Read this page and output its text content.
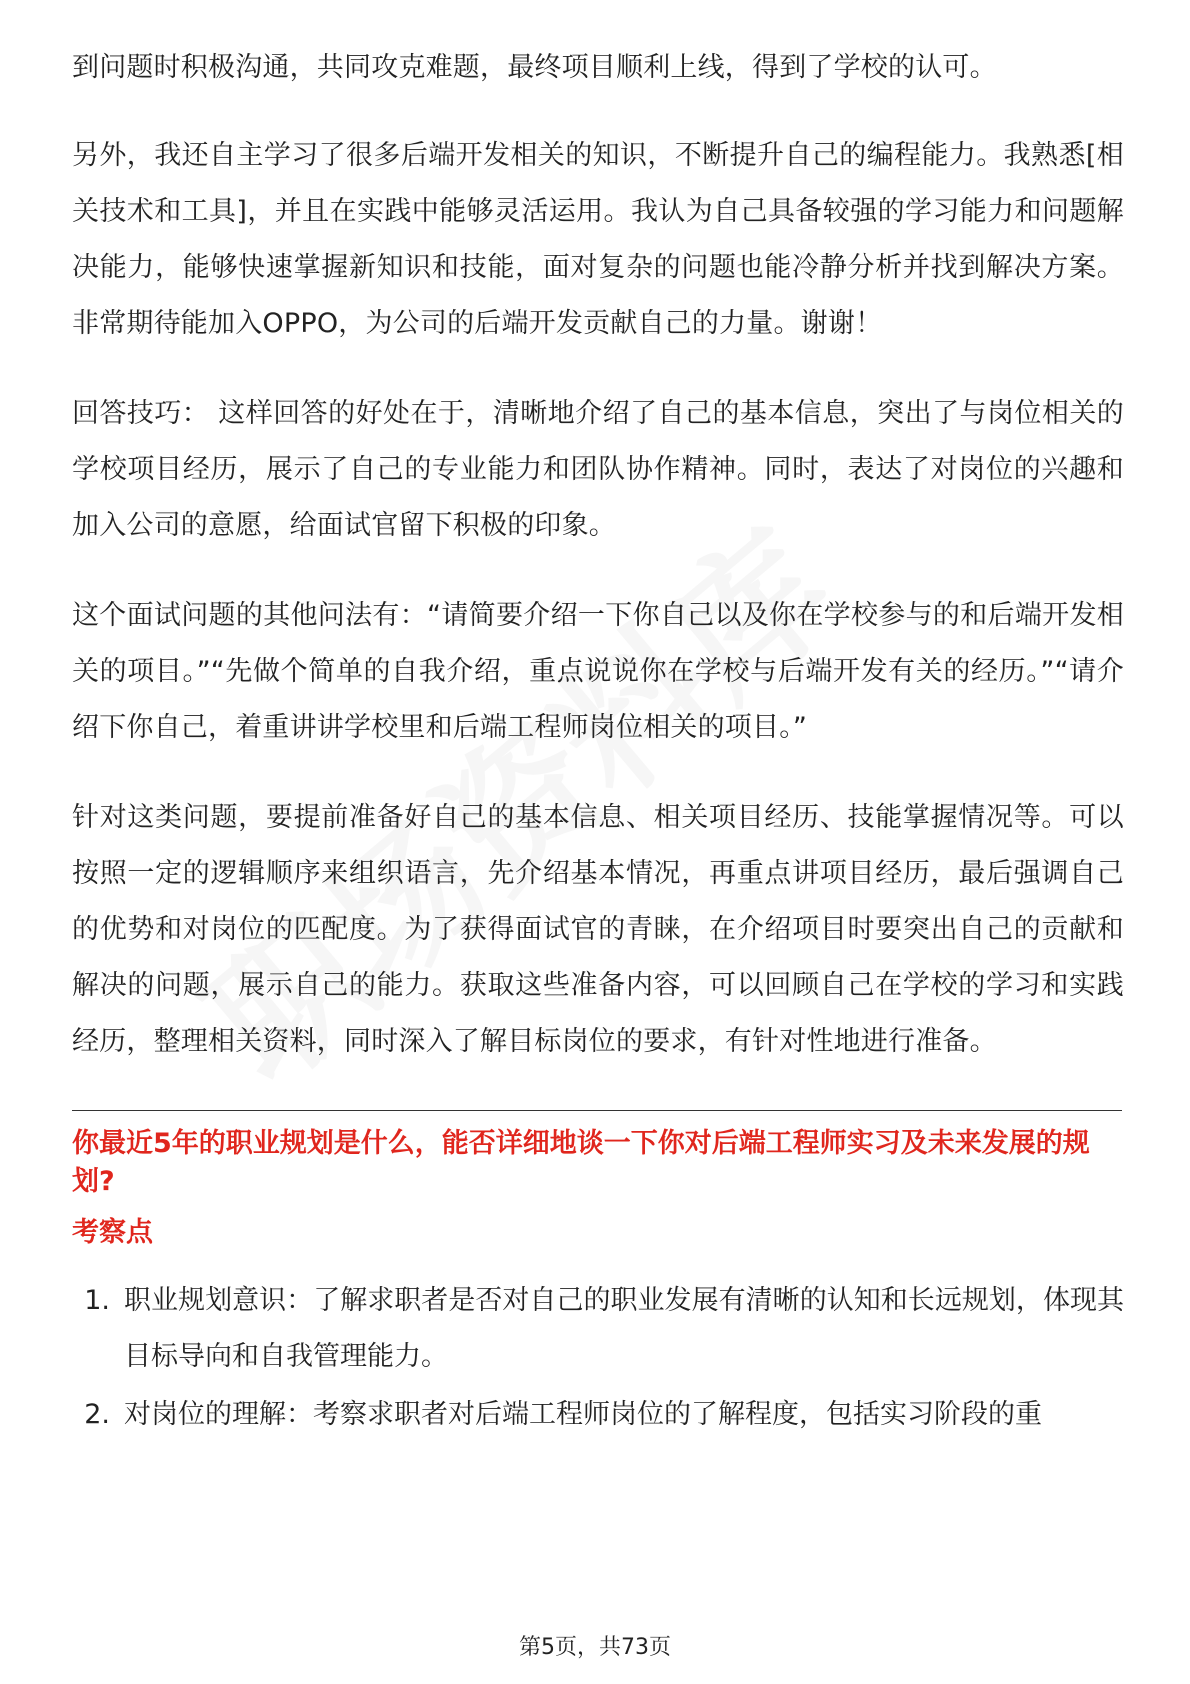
到问题时积极沟通，共同攻克难题，最终项目顺利上线，得到了学校的认可。

另外，我还自主学习了很多后端开发相关的知识，不断提升自己的编程能力。我熟悉[相关技术和工具]，并且在实践中能够灵活运用。我认为自己具备较强的学习能力和问题解决能力，能够快速掌握新知识和技能，面对复杂的问题也能冷静分析并找到解决方案。非常期待能加入OPPO，为公司的后端开发贡献自己的力量。谢谢！

回答技巧： 这样回答的好处在于，清晰地介绍了自己的基本信息，突出了与岗位相关的学校项目经历，展示了自己的专业能力和团队协作精神。同时，表达了对岗位的兴趣和加入公司的意愿，给面试官留下积极的印象。

这个面试问题的其他问法有：“请简要介绍一下你自己以及你在学校参与的和后端开发相关的项目。”“先做个简单的自我介绍，重点说说你在学校与后端开发有关的经历。”“请介绍下你自己，着重讲讲学校里和后端工程师岗位相关的项目。”

针对这类问题，要提前准备好自己的基本信息、相关项目经历、技能掌握情况等。可以按照一定的逻辑顺序来组织语言，先介绍基本情况，再重点讲项目经历，最后强调自己的优势和对岗位的匹配度。为了获得面试官的青睐，在介绍项目时要突出自己的贡献和解决的问题，展示自己的能力。获取这些准备内容，可以回顾自己在学校的学习和实践经历，整理相关资料，同时深入了解目标岗位的要求，有针对性地进行准备。

你最近5年的职业规划是什么，能否详细地谈一下你对后端工程师实习及未来发展的规划?
考察点
1. 职业规划意识：了解求职者是否对自己的职业发展有清晰的认知和长远规划，体现其目标导向和自我管理能力。
2. 对岗位的理解：考察求职者对后端工程师岗位的了解程度，包括实习阶段的重
第5页，共73页
